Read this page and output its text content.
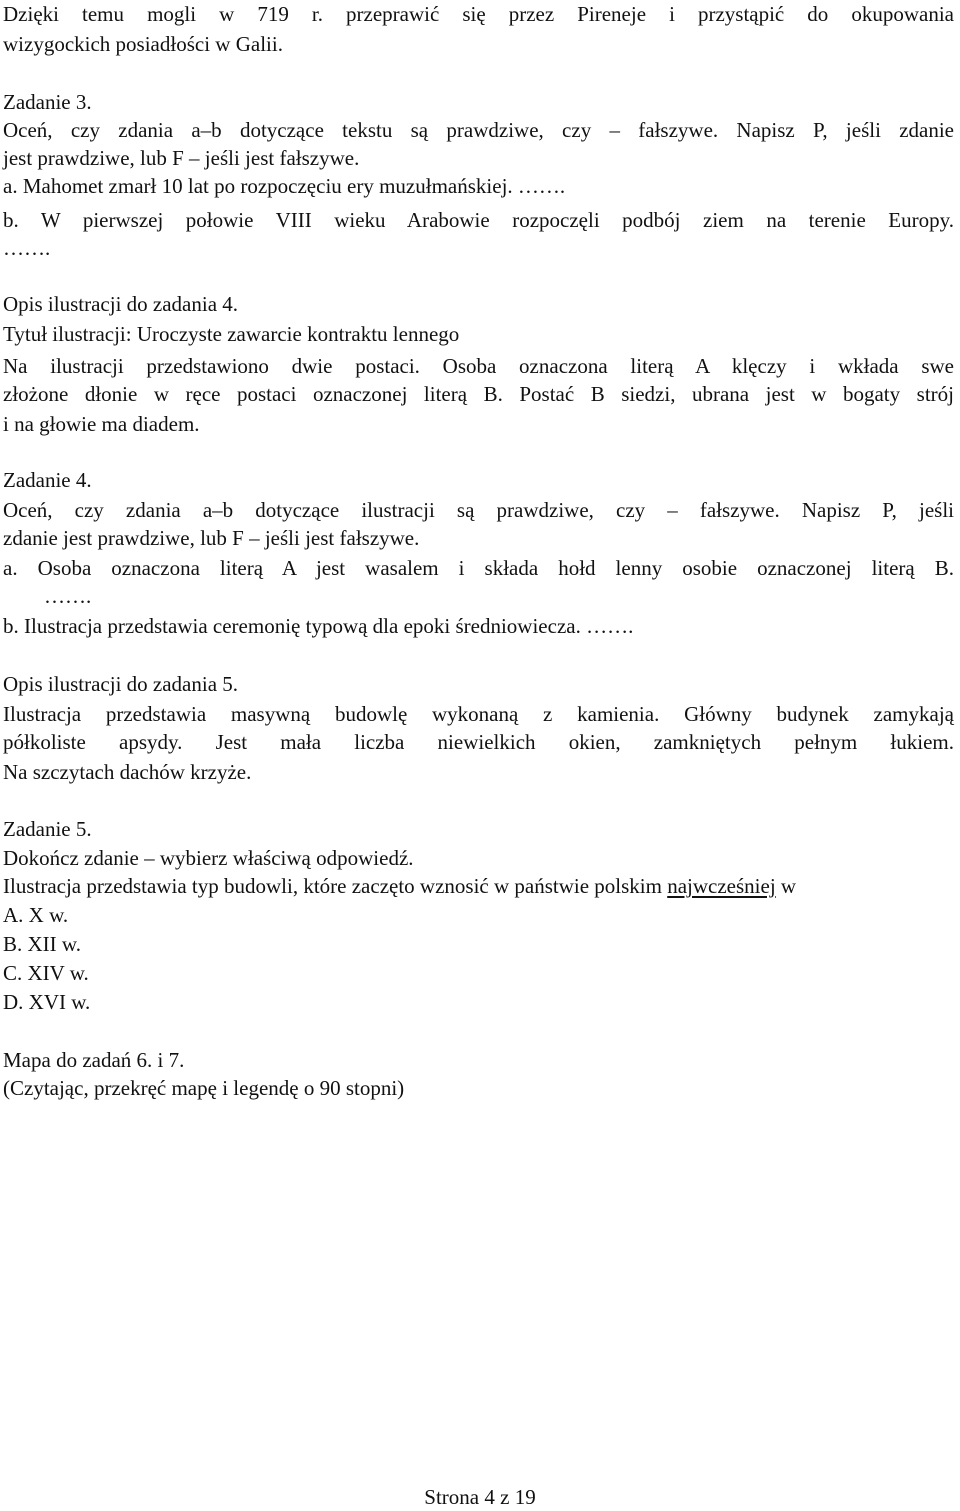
Dzięki temu mogli w 719 r. przeprawić się przez Pireneje i przystąpić do okupowania
wizygockich posiadłości w Galii.
Zadanie 3.
Oceń, czy zdania a–b dotyczące tekstu są prawdziwe, czy – fałszywe. Napisz P, jeśli zdanie
jest prawdziwe, lub F – jeśli jest fałszywe.
a. Mahomet zmarł 10 lat po rozpoczęciu ery muzułmańskiej. …….
b. W pierwszej połowie VIII wieku Arabowie rozpoczęli podbój ziem na terenie Europy.
…….
Opis ilustracji do zadania 4.
Tytuł ilustracji: Uroczyste zawarcie kontraktu lennego
Na ilustracji przedstawiono dwie postaci. Osoba oznaczona literą A klęczy i wkłada swe
złożone dłonie w ręce postaci oznaczonej literą B. Postać B siedzi, ubrana jest w bogaty strój
i na głowie ma diadem.
Zadanie 4.
Oceń, czy zdania a–b dotyczące ilustracji są prawdziwe, czy – fałszywe. Napisz P, jeśli
zdanie jest prawdziwe, lub F – jeśli jest fałszywe.
a. Osoba oznaczona literą A jest wasalem i składa hołd lenny osobie oznaczonej literą B.
…….
b. Ilustracja przedstawia ceremonię typową dla epoki średniowiecza. …….
Opis ilustracji do zadania 5.
Ilustracja przedstawia masywną budowlę wykonaną z kamienia. Główny budynek zamykają
półkoliste apsydy. Jest mała liczba niewielkich okien, zamkniętych pełnym łukiem.
Na szczytach dachów krzyże.
Zadanie 5.
Dokończ zdanie – wybierz właściwą odpowiedź.
Ilustracja przedstawia typ budowli, które zaczęto wznosić w państwie polskim najwcześniej w
A. X w.
B. XII w.
C. XIV w.
D. XVI w.
Mapa do zadań 6. i 7.
(Czytając, przekręć mapę i legendę o 90 stopni)
Strona 4 z 19
